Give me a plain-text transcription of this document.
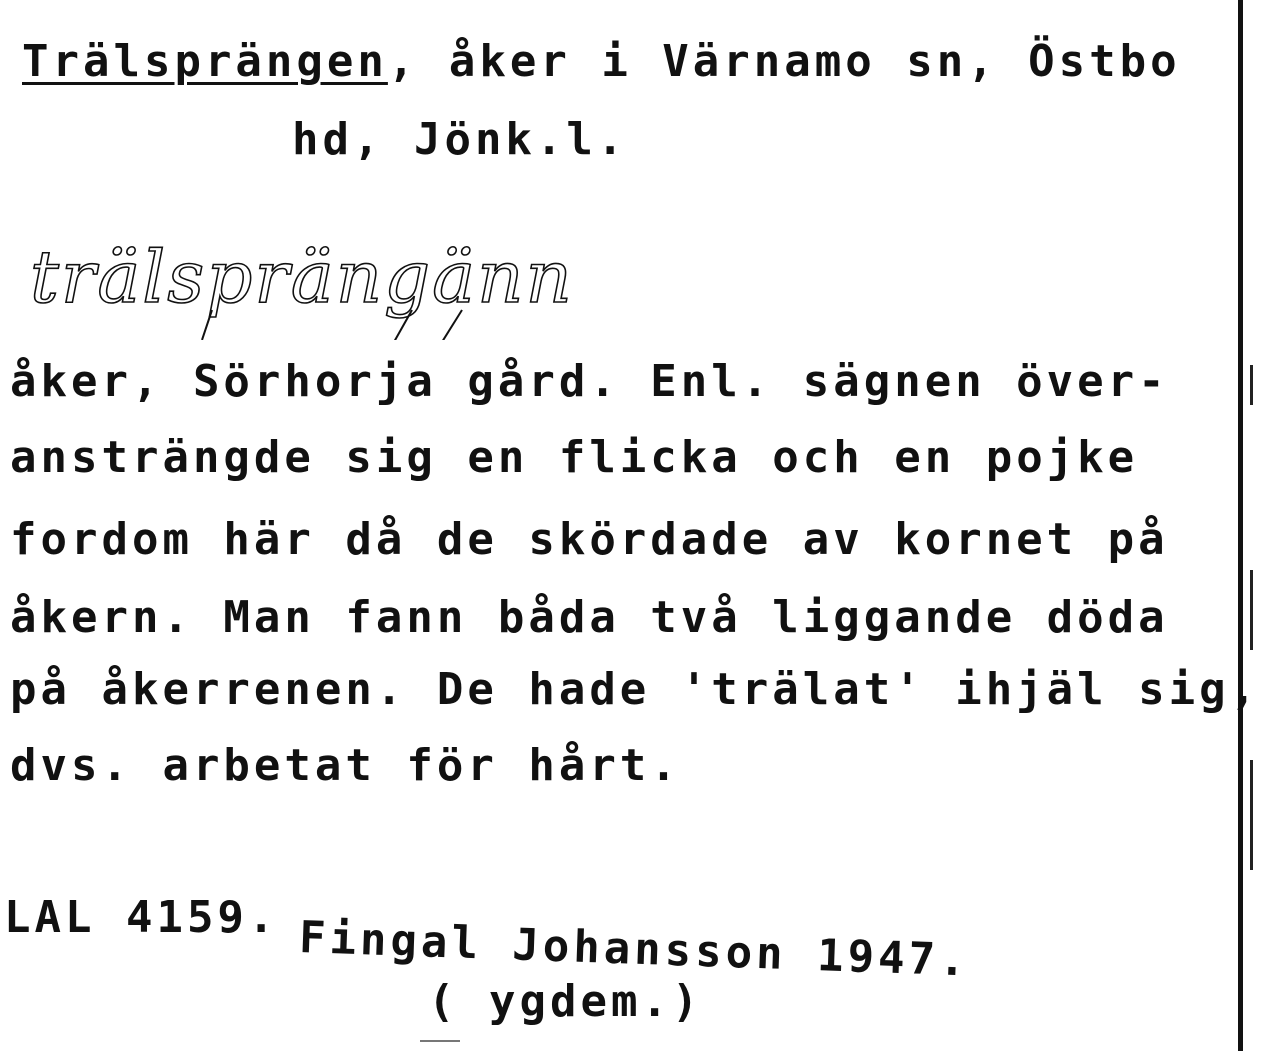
Trälsprängen, åker i Värnamo sn, Östbo
hd, Jönk.l.
trälsprängänn
åker, Sörhorja gård. Enl. sägnen över-
ansträngde sig en flicka och en pojke
fordom här då de skördade av kornet på
åkern. Man fann båda två liggande döda
på åkerrenen. De hade 'trälat' ihjäl sig,
dvs. arbetat för hårt.
LAL 4159. Fingal Johansson 1947.
( ygdem.)
